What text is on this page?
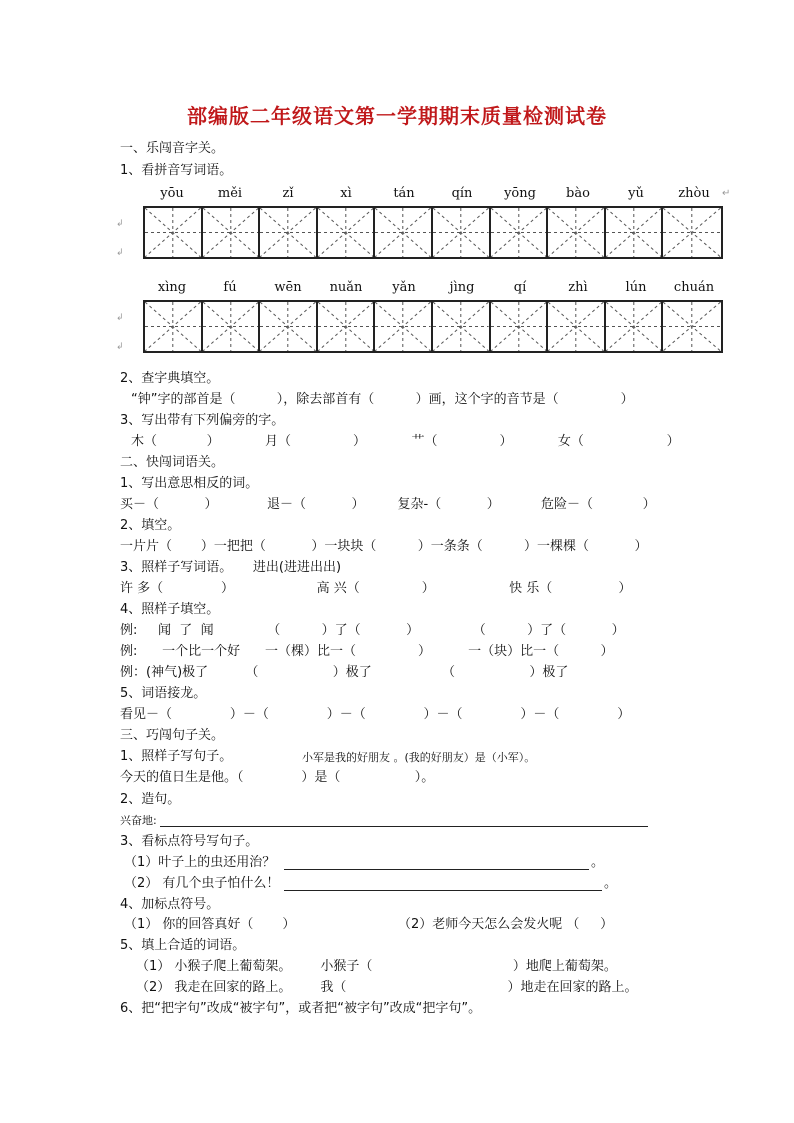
部编版二年级语文第一学期期末质量检测试卷
一、乐闯音字关。
1、看拼音写词语。
yōu	měi	zǐ	xì	tán	qín	yōng	bào	yǔ	zhòu	↵
↲
↲
xìng	fú	wēn	nuǎn	yǎn	jìng	qí	zhì	lún	chuán
↲
↲
2、查字典填空。
“钟”字的部首是（          ），除去部首有（          ）画，这个字的音节是（               ）
3、写出带有下列偏旁的字。
木（            ）           月（               ）           艹（               ）           女（                    ）
二、快闯词语关。
1、写出意思相反的词。
买－（           ）            退－（           ）        复杂-（           ）          危险－（            ）
2、填空。
一片片（       ）一把把（           ）一块块（          ）一条条（          ）一棵棵（           ）
3、照样子写词语。     进出(进进出出)
许 多（              ）                    高 兴（               ）                  快 乐（                ）
4、照样子填空。
例:     闻  了  闻             （          ）了（           ）             （          ）了（           ）
例:      一个比一个好      一（棵）比一（               ）         一（块）比一（          ）
例：(神气)极了         （                  ）极了                 （                  ）极了
5、词语接龙。
看见－（              ）－（              ）－（              ）－（              ）－（              ）
三、巧闯句子关。
1、照样子写句子。	小军是我的好朋友 。(我的好朋友）是（小军）。
今天的值日生是他。（              ）是（                  ）。
2、造句。
兴奋地:
3、看标点符号写句子。
（1）叶子上的虫还用治？	。
（2） 有几个虫子怕什么！	。
4、加标点符号。
（1） 你的回答真好（       ）	（2）老师今天怎么会发火呢 （     ）
5、填上合适的词语。
（1） 小猴子爬上葡萄架。       小猴子（                                  ）地爬上葡萄架。
（2） 我走在回家的路上。       我（                                       ）地走在回家的路上。
6、把“把字句”改成“被字句”，或者把“被字句”改成“把字句”。
